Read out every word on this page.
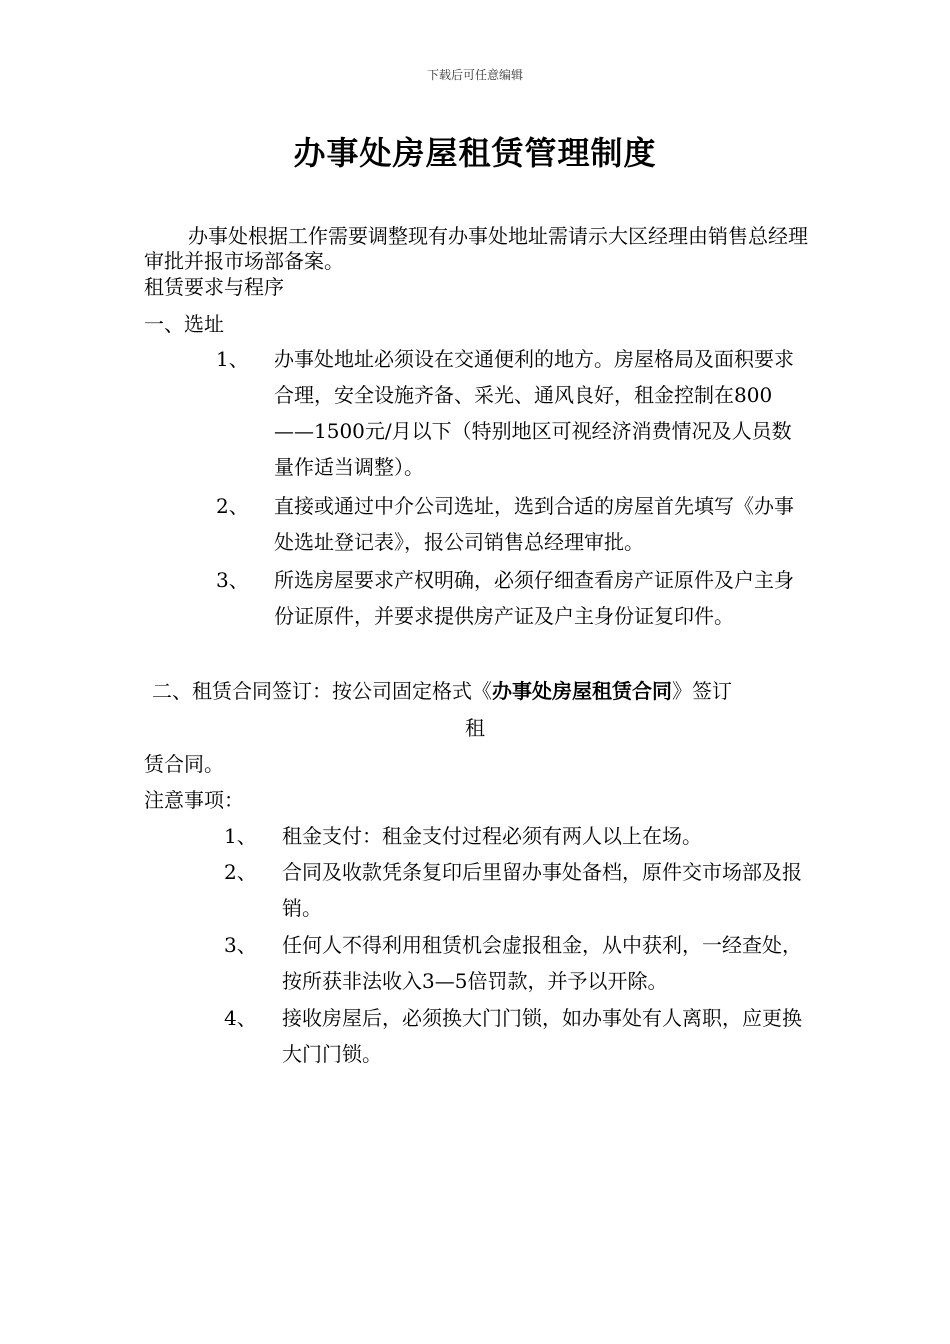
下载后可任意编辑
办事处房屋租赁管理制度

办事处根据工作需要调整现有办事处地址需请示大区经理由销售总经理审批并报市场部备案。

租赁要求与程序

一、选址

1、 办事处地址必须设在交通便利的地方。房屋格局及面积要求合理，安全设施齐备、采光、通风良好，租金控制在800——1500元/月以下（特别地区可视经济消费情况及人员数量作适当调整）。
2、 直接或通过中介公司选址，选到合适的房屋首先填写《办事处选址登记表》，报公司销售总经理审批。
3、 所选房屋要求产权明确，必须仔细查看房产证原件及户主身份证原件，并要求提供房产证及户主身份证复印件。
二、租赁合同签订：按公司固定格式《办事处房屋租赁合同》签订
租

赁合同。

注意事项：

1、 租金支付：租金支付过程必须有两人以上在场。
2、 合同及收款凭条复印后里留办事处备档，原件交市场部及报销。
3、 任何人不得利用租赁机会虚报租金，从中获利，一经查处，按所获非法收入3—5倍罚款，并予以开除。
4、 接收房屋后，必须换大门门锁，如办事处有人离职，应更换大门门锁。
